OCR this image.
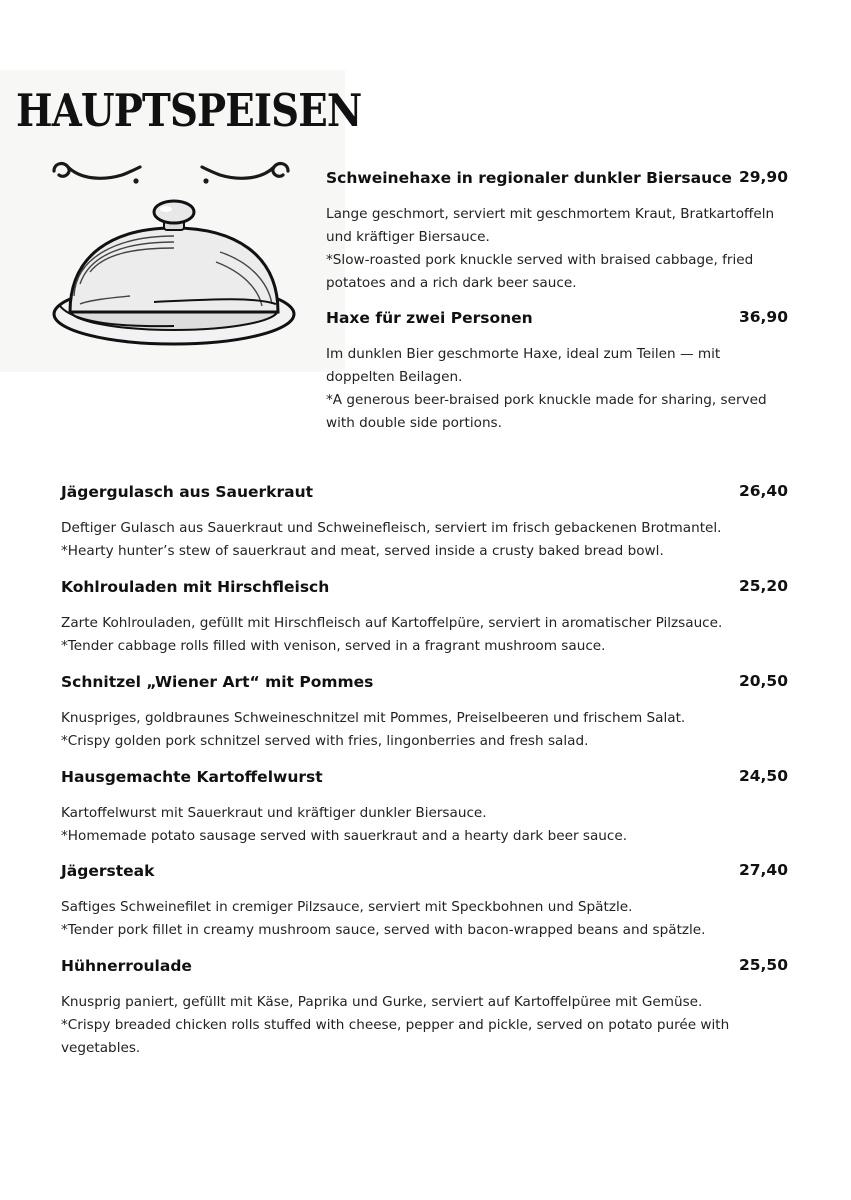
HAUPTSPEISEN
Schweinehaxe in regionaler dunkler Biersauce 29,90
Lange geschmort, serviert mit geschmortem Kraut, Bratkartoffeln
und kräftiger Biersauce.
*Slow-roasted pork knuckle served with braised cabbage, fried
potatoes and a rich dark beer sauce.
Haxe für zwei Personen	36,90
Im dunklen Bier geschmorte Haxe, ideal zum Teilen — mit
doppelten Beilagen.
*A generous beer-braised pork knuckle made for sharing, served
with double side portions.
Jägergulasch aus Sauerkraut	26,40
Deftiger Gulasch aus Sauerkraut und Schweinefleisch, serviert im frisch gebackenen Brotmantel.
*Hearty hunter’s stew of sauerkraut and meat, served inside a crusty baked bread bowl.
Kohlrouladen mit Hirschfleisch	25,20
Zarte Kohlrouladen, gefüllt mit Hirschfleisch auf Kartoffelpüre, serviert in aromatischer Pilzsauce.
*Tender cabbage rolls filled with venison, served in a fragrant mushroom sauce.
Schnitzel „Wiener Art“ mit Pommes	20,50
Knuspriges, goldbraunes Schweineschnitzel mit Pommes, Preiselbeeren und frischem Salat.
*Crispy golden pork schnitzel served with fries, lingonberries and fresh salad.
Hausgemachte Kartoffelwurst	24,50
Kartoffelwurst mit Sauerkraut und kräftiger dunkler Biersauce.
*Homemade potato sausage served with sauerkraut and a hearty dark beer sauce.
Jägersteak	27,40
Saftiges Schweinefilet in cremiger Pilzsauce, serviert mit Speckbohnen und Spätzle.
*Tender pork fillet in creamy mushroom sauce, served with bacon-wrapped beans and spätzle.
Hühnerroulade	25,50
Knusprig paniert, gefüllt mit Käse, Paprika und Gurke, serviert auf Kartoffelpüree mit Gemüse.
*Crispy breaded chicken rolls stuffed with cheese, pepper and pickle, served on potato purée with
vegetables.
